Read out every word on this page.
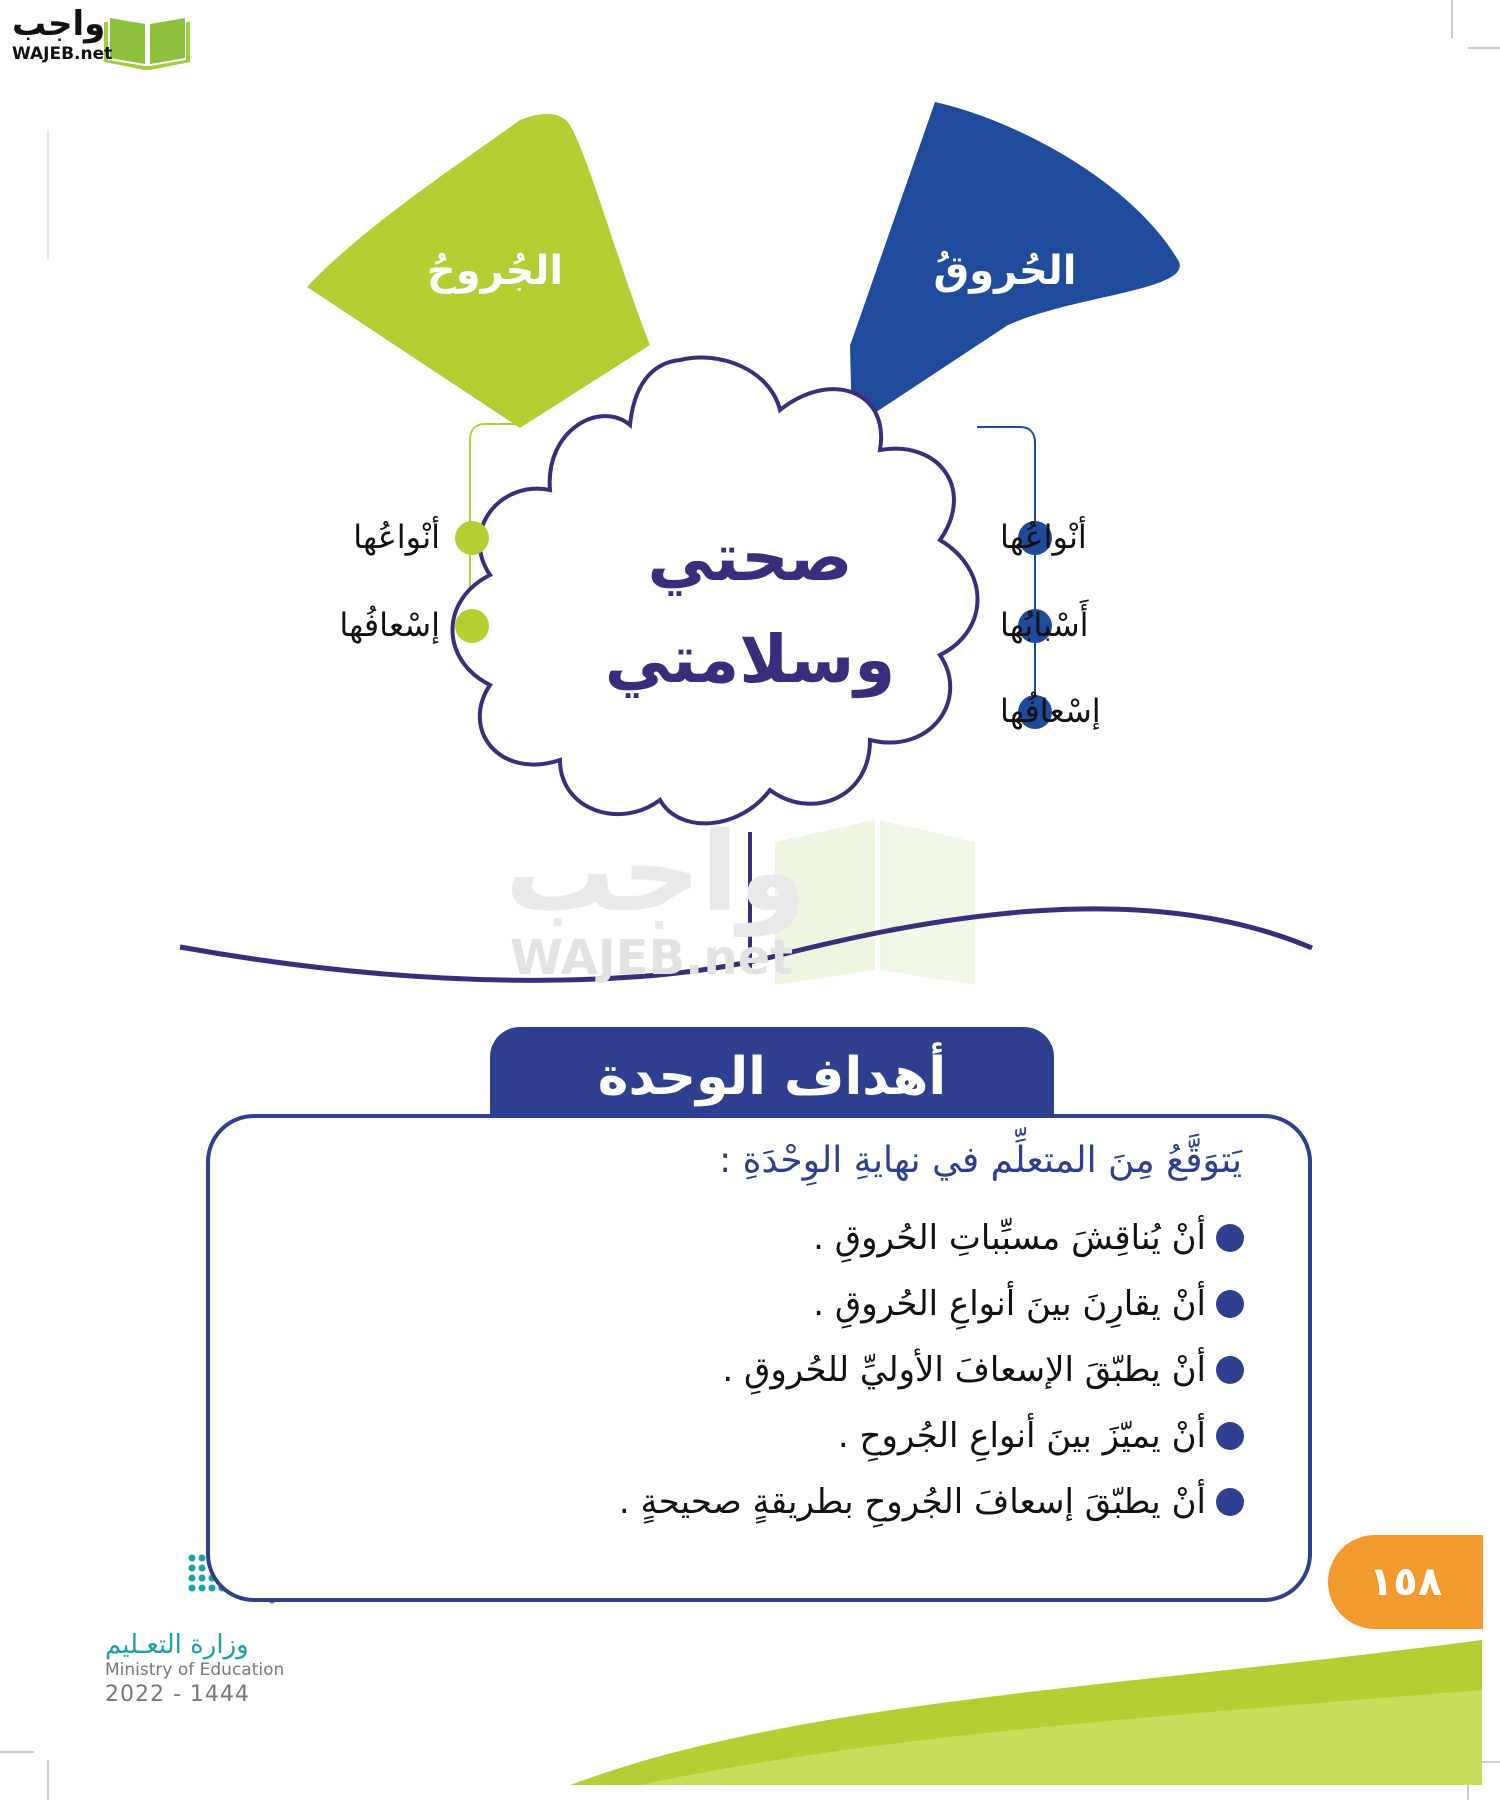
واجب
WAJEB.net
واجب
WAJEB.net
الحُروقُ
الجُروحُ
صحتي
وسلامتي
أنْواعُها
أَسْبابُها
إسْعافُها
أنْواعُها
إسْعافُها
أهداف الوحدة
يَتوَقَّعُ مِنَ المتعلِّم في نهايةِ الوِحْدَةِ :
أنْ يُناقِشَ مسبِّباتِ الحُروقِ .
أنْ يقارِنَ بينَ أنواعِ الحُروقِ .
أنْ يطبّقَ الإسعافَ الأوليِّ للحُروقِ .
أنْ يميّزَ بينَ أنواعِ الجُروحِ .
أنْ يطبّقَ إسعافَ الجُروحِ بطريقةٍ صحيحةٍ .
١٥٨
وزارة التعـليم
Ministry of Education
2022 - 1444
